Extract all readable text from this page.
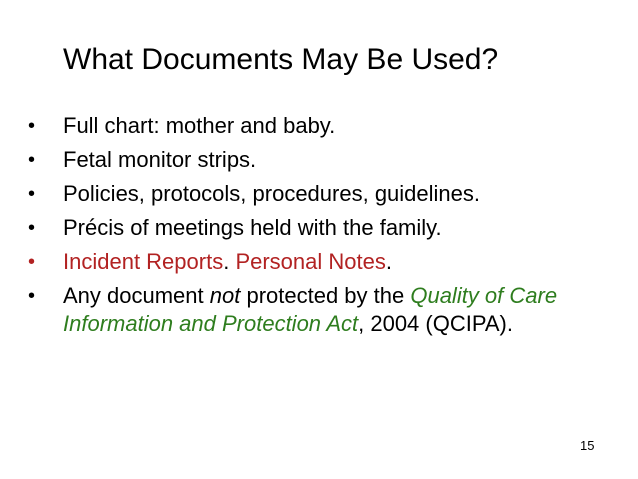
What Documents May Be Used?
•	Full chart: mother and baby.
•	Fetal monitor strips.
•	Policies, protocols, procedures, guidelines.
•	Précis of meetings held with the family.
•	Incident Reports. Personal Notes.
•	Any document not protected by the Quality of Care Information and Protection Act, 2004 (QCIPA).
15
